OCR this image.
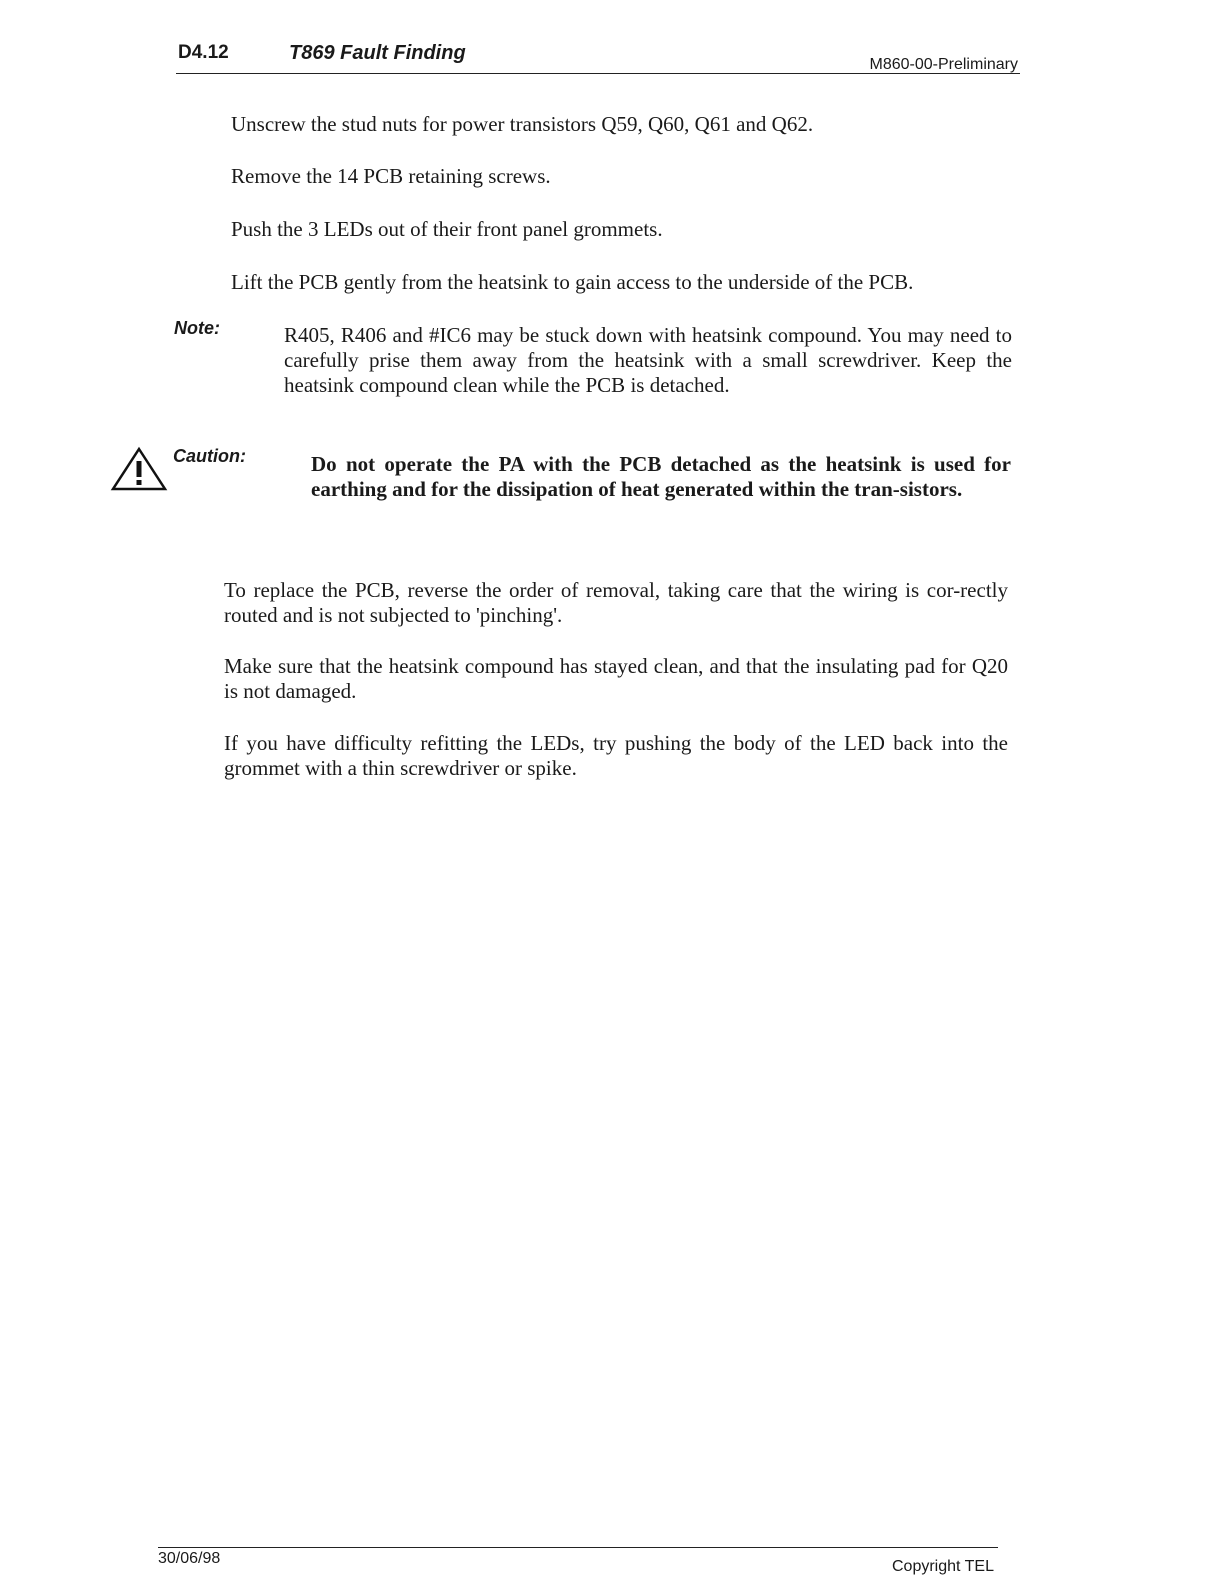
D4.12	T869 Fault Finding
M860-00-Preliminary

Unscrew the stud nuts for power transistors Q59, Q60, Q61 and Q62.

Remove the 14 PCB retaining screws.

Push the 3 LEDs out of their front panel grommets.

Lift the PCB gently from the heatsink to gain access to the underside of the PCB.

Note:	R405, R406 and #IC6 may be stuck down with heatsink compound. You may need to carefully prise them away from the heatsink with a small screwdriver. Keep the heatsink compound clean while the PCB is detached.

Caution:	Do not operate the PA with the PCB detached as the heatsink is used for earthing and for the dissipation of heat generated within the tran-sistors.

To replace the PCB, reverse the order of removal, taking care that the wiring is cor-rectly routed and is not subjected to 'pinching'.

Make sure that the heatsink compound has stayed clean, and that the insulating pad for Q20 is not damaged.

If you have difficulty refitting the LEDs, try pushing the body of the LED back into the grommet with a thin screwdriver or spike.

30/06/98	Copyright TEL
